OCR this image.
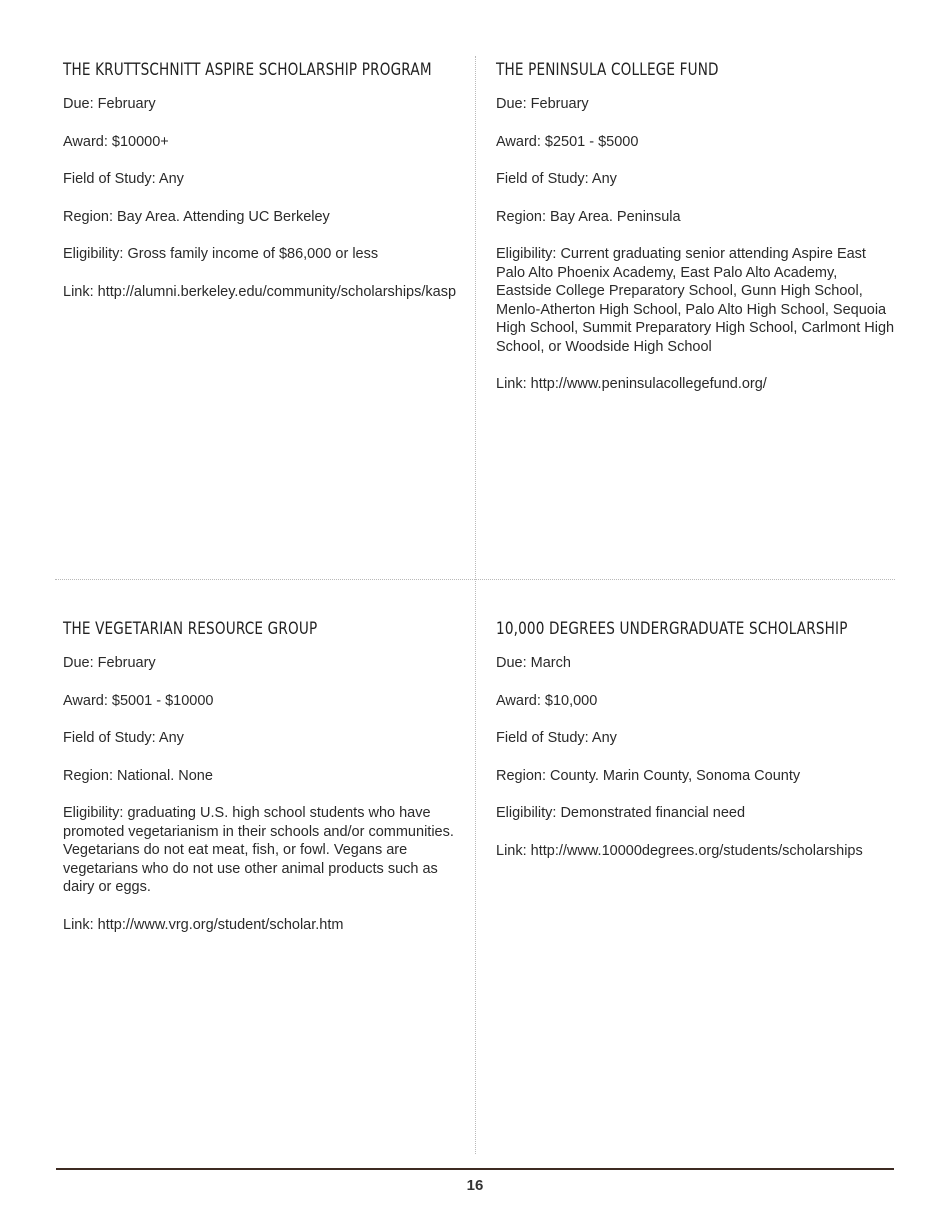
THE KRUTTSCHNITT ASPIRE SCHOLARSHIP PROGRAM

Due: February

Award: $10000+

Field of Study: Any

Region: Bay Area. Attending UC Berkeley

Eligibility: Gross family income of $86,000 or less

Link: http://alumni.berkeley.edu/community/scholarships/kasp

THE PENINSULA COLLEGE FUND

Due: February

Award: $2501 - $5000

Field of Study: Any

Region: Bay Area. Peninsula

Eligibility: Current graduating senior attending Aspire East Palo Alto Phoenix Academy, East Palo Alto Academy, Eastside College Preparatory School, Gunn High School, Menlo-Atherton High School, Palo Alto High School, Sequoia High School, Summit Preparatory High School, Carlmont High School, or Woodside High School

Link: http://www.peninsulacollegefund.org/

THE VEGETARIAN RESOURCE GROUP

Due: February

Award: $5001 - $10000

Field of Study: Any

Region: National. None

Eligibility: graduating U.S. high school students who have promoted vegetarianism in their schools and/or communities. Vegetarians do not eat meat, fish, or fowl. Vegans are vegetarians who do not use other animal products such as dairy or eggs.

Link: http://www.vrg.org/student/scholar.htm

10,000 DEGREES UNDERGRADUATE SCHOLARSHIP

Due: March

Award: $10,000

Field of Study: Any

Region: County. Marin County, Sonoma County

Eligibility: Demonstrated financial need

Link: http://www.10000degrees.org/students/scholarships

16
